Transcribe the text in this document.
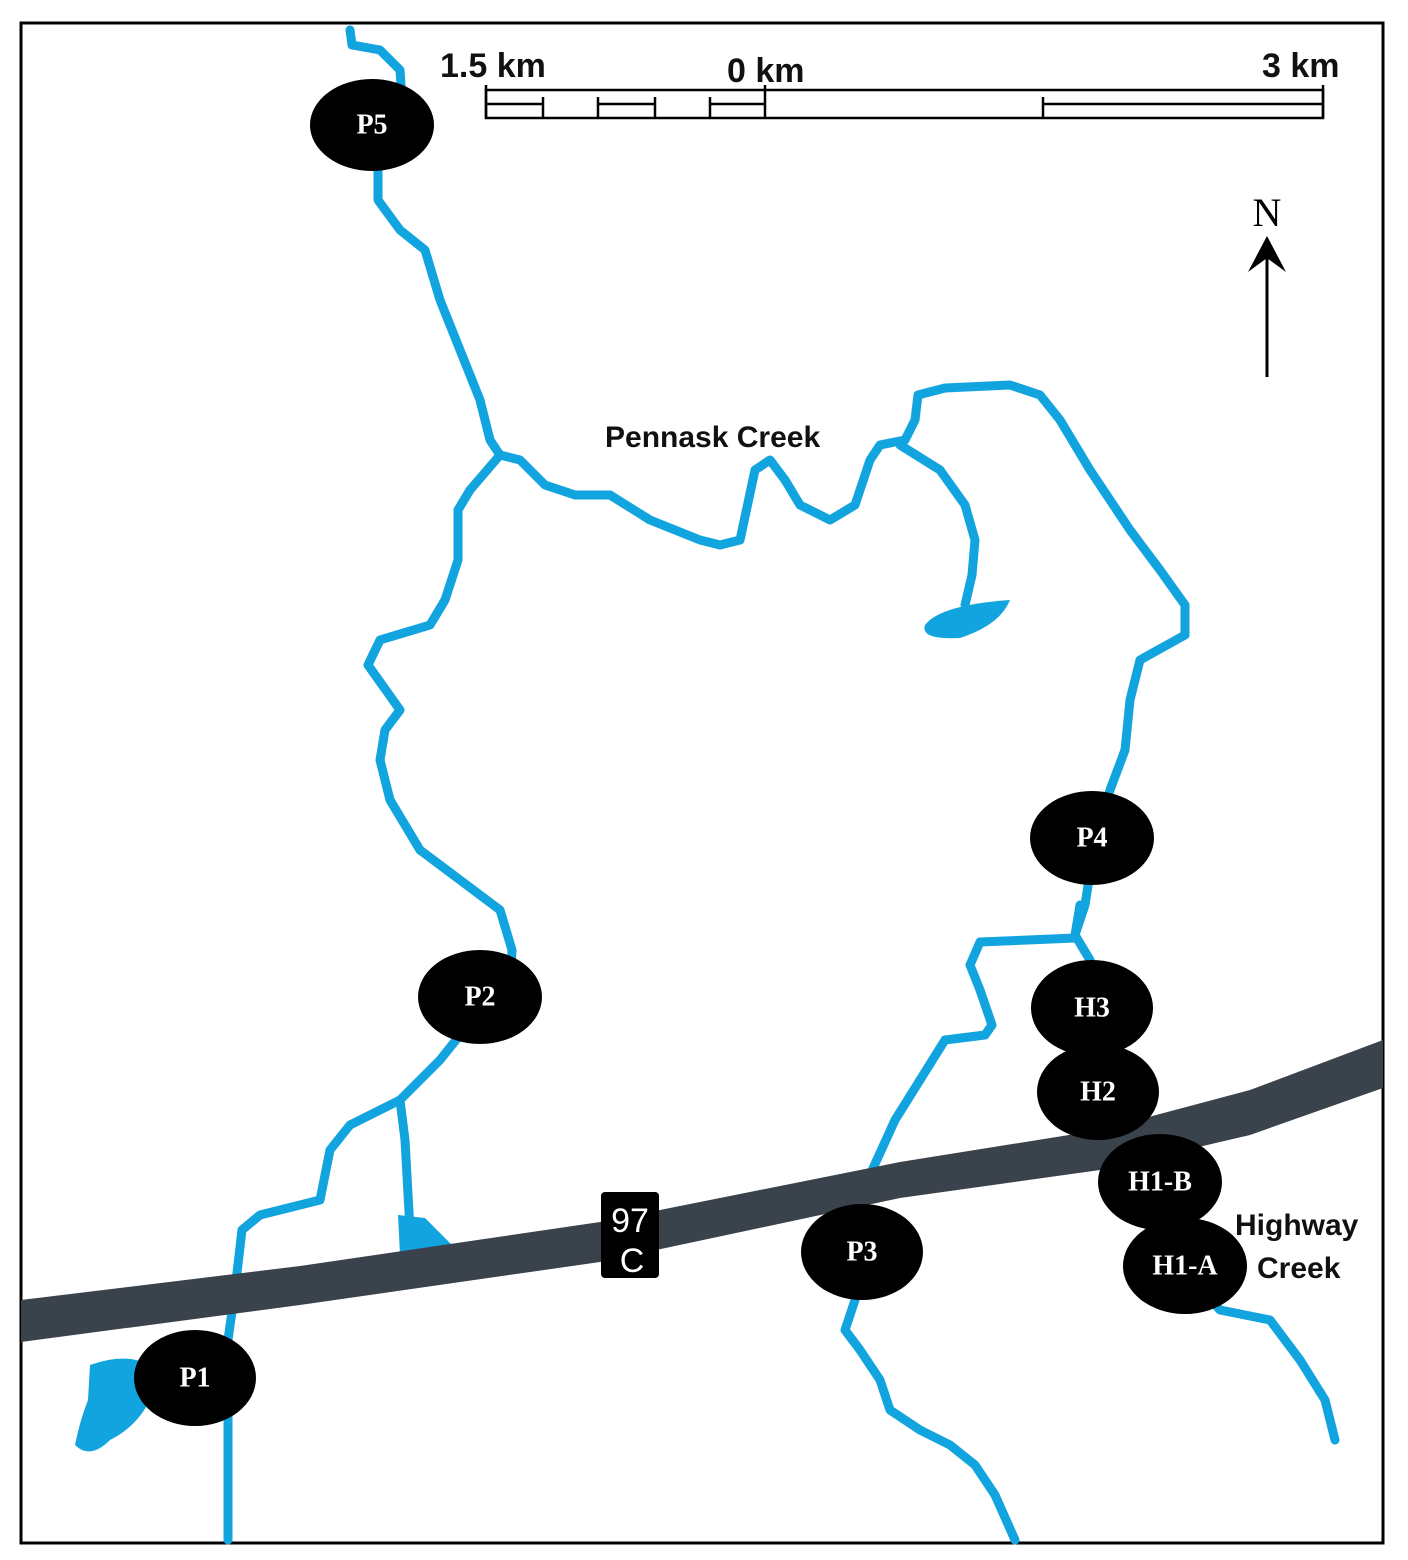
97
C
1.5 km	0 km	3 km
N
Pennask Creek
Highway
Creek
P5
P2
P4
H3
H2
H1-B
H1-A
P3
P1
